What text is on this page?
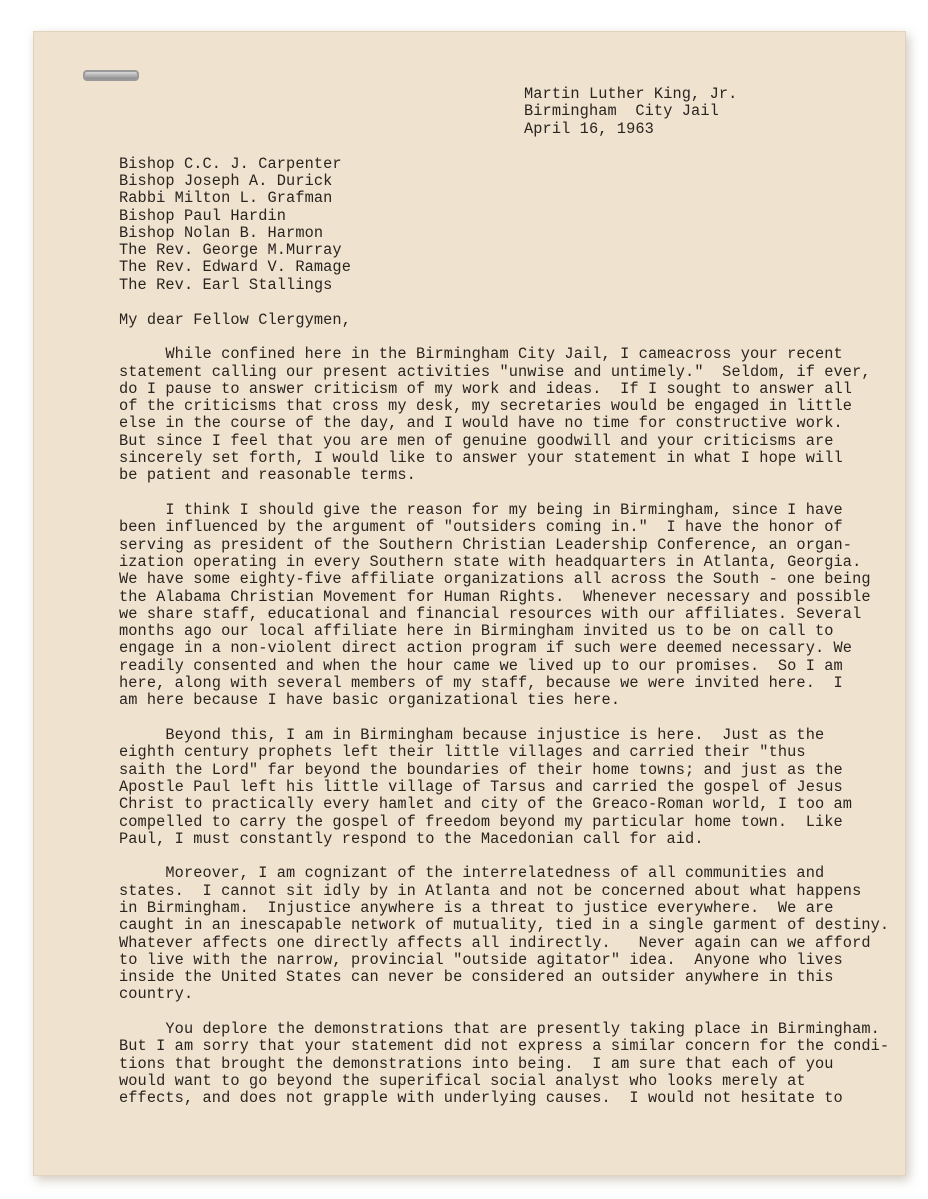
Martin Luther King, Jr.
Birmingham  City Jail
April 16, 1963
Bishop C.C. J. Carpenter
Bishop Joseph A. Durick
Rabbi Milton L. Grafman
Bishop Paul Hardin
Bishop Nolan B. Harmon
The Rev. George M.Murray
The Rev. Edward V. Ramage
The Rev. Earl Stallings
My dear Fellow Clergymen,
While confined here in the Birmingham City Jail, I cameacross your recent
statement calling our present activities "unwise and untimely."  Seldom, if ever,
do I pause to answer criticism of my work and ideas.  If I sought to answer all
of the criticisms that cross my desk, my secretaries would be engaged in little
else in the course of the day, and I would have no time for constructive work.
But since I feel that you are men of genuine goodwill and your criticisms are
sincerely set forth, I would like to answer your statement in what I hope will
be patient and reasonable terms.
I think I should give the reason for my being in Birmingham, since I have
been influenced by the argument of "outsiders coming in."  I have the honor of
serving as president of the Southern Christian Leadership Conference, an organ-
ization operating in every Southern state with headquarters in Atlanta, Georgia.
We have some eighty-five affiliate organizations all across the South - one being
the Alabama Christian Movement for Human Rights.  Whenever necessary and possible
we share staff, educational and financial resources with our affiliates. Several
months ago our local affiliate here in Birmingham invited us to be on call to
engage in a non-violent direct action program if such were deemed necessary. We
readily consented and when the hour came we lived up to our promises.  So I am
here, along with several members of my staff, because we were invited here.  I
am here because I have basic organizational ties here.
Beyond this, I am in Birmingham because injustice is here.  Just as the
eighth century prophets left their little villages and carried their "thus
saith the Lord" far beyond the boundaries of their home towns; and just as the
Apostle Paul left his little village of Tarsus and carried the gospel of Jesus
Christ to practically every hamlet and city of the Greaco-Roman world, I too am
compelled to carry the gospel of freedom beyond my particular home town.  Like
Paul, I must constantly respond to the Macedonian call for aid.
Moreover, I am cognizant of the interrelatedness of all communities and
states.  I cannot sit idly by in Atlanta and not be concerned about what happens
in Birmingham.  Injustice anywhere is a threat to justice everywhere.  We are
caught in an inescapable network of mutuality, tied in a single garment of destiny.
Whatever affects one directly affects all indirectly.   Never again can we afford
to live with the narrow, provincial "outside agitator" idea.  Anyone who lives
inside the United States can never be considered an outsider anywhere in this
country.
You deplore the demonstrations that are presently taking place in Birmingham.
But I am sorry that your statement did not express a similar concern for the condi-
tions that brought the demonstrations into being.  I am sure that each of you
would want to go beyond the superifical social analyst who looks merely at
effects, and does not grapple with underlying causes.  I would not hesitate to
